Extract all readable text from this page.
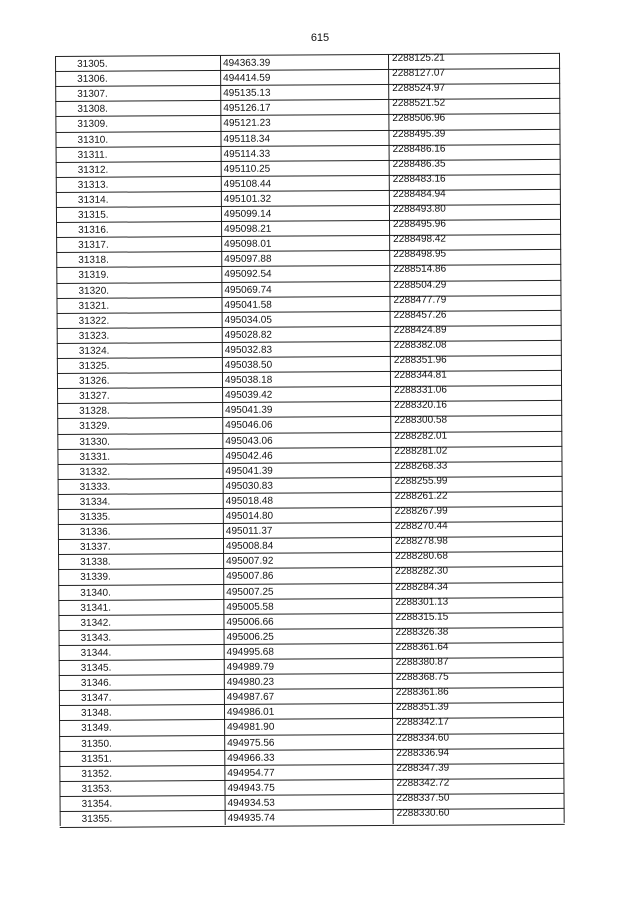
615
31305.	494363.39	2288125.21
31306.	494414.59	2288127.07
31307.	495135.13	2288524.97
31308.	495126.17	2288521.52
31309.	495121.23	2288506.96
31310.	495118.34	2288495.39
31311.	495114.33	2288486.16
31312.	495110.25	2288486.35
31313.	495108.44	2288483.16
31314.	495101.32	2288484.94
31315.	495099.14	2288493.80
31316.	495098.21	2288495.96
31317.	495098.01	2288498.42
31318.	495097.88	2288498.95
31319.	495092.54	2288514.86
31320.	495069.74	2288504.29
31321.	495041.58	2288477.79
31322.	495034.05	2288457.26
31323.	495028.82	2288424.89
31324.	495032.83	2288382.08
31325.	495038.50	2288351.96
31326.	495038.18	2288344.81
31327.	495039.42	2288331.06
31328.	495041.39	2288320.16
31329.	495046.06	2288300.58
31330.	495043.06	2288282.01
31331.	495042.46	2288281.02
31332.	495041.39	2288268.33
31333.	495030.83	2288255.99
31334.	495018.48	2288261.22
31335.	495014.80	2288267.99
31336.	495011.37	2288270.44
31337.	495008.84	2288278.98
31338.	495007.92	2288280.68
31339.	495007.86	2288282.30
31340.	495007.25	2288284.34
31341.	495005.58	2288301.13
31342.	495006.66	2288315.15
31343.	495006.25	2288326.38
31344.	494995.68	2288361.64
31345.	494989.79	2288380.87
31346.	494980.23	2288368.75
31347.	494987.67	2288361.86
31348.	494986.01	2288351.39
31349.	494981.90	2288342.17
31350.	494975.56	2288334.60
31351.	494966.33	2288336.94
31352.	494954.77	2288347.39
31353.	494943.75	2288342.72
31354.	494934.53	2288337.50
31355.	494935.74	2288330.60
